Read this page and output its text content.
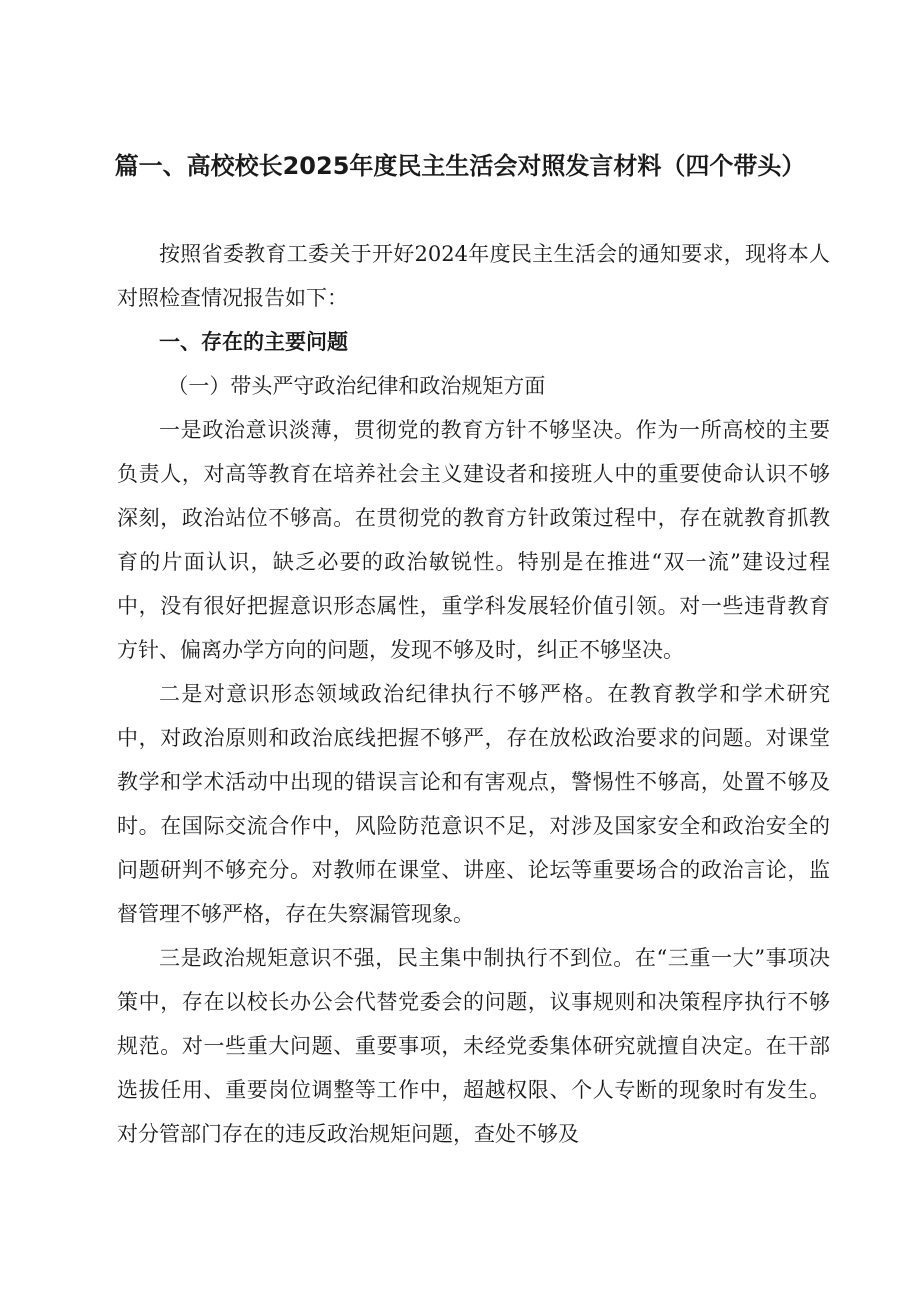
篇一、高校校长2025年度民主生活会对照发言材料（四个带头）

按照省委教育工委关于开好2024年度民主生活会的通知要求，现将本人对照检查情况报告如下：

一、存在的主要问题

（一）带头严守政治纪律和政治规矩方面

一是政治意识淡薄，贯彻党的教育方针不够坚决。作为一所高校的主要负责人，对高等教育在培养社会主义建设者和接班人中的重要使命认识不够深刻，政治站位不够高。在贯彻党的教育方针政策过程中，存在就教育抓教育的片面认识，缺乏必要的政治敏锐性。特别是在推进“双一流”建设过程中，没有很好把握意识形态属性，重学科发展轻价值引领。对一些违背教育方针、偏离办学方向的问题，发现不够及时，纠正不够坚决。

二是对意识形态领域政治纪律执行不够严格。在教育教学和学术研究中，对政治原则和政治底线把握不够严，存在放松政治要求的问题。对课堂教学和学术活动中出现的错误言论和有害观点，警惕性不够高，处置不够及时。在国际交流合作中，风险防范意识不足，对涉及国家安全和政治安全的问题研判不够充分。对教师在课堂、讲座、论坛等重要场合的政治言论，监督管理不够严格，存在失察漏管现象。

三是政治规矩意识不强，民主集中制执行不到位。在“三重一大”事项决策中，存在以校长办公会代替党委会的问题，议事规则和决策程序执行不够规范。对一些重大问题、重要事项，未经党委集体研究就擅自决定。在干部选拔任用、重要岗位调整等工作中，超越权限、个人专断的现象时有发生。对分管部门存在的违反政治规矩问题，查处不够及
